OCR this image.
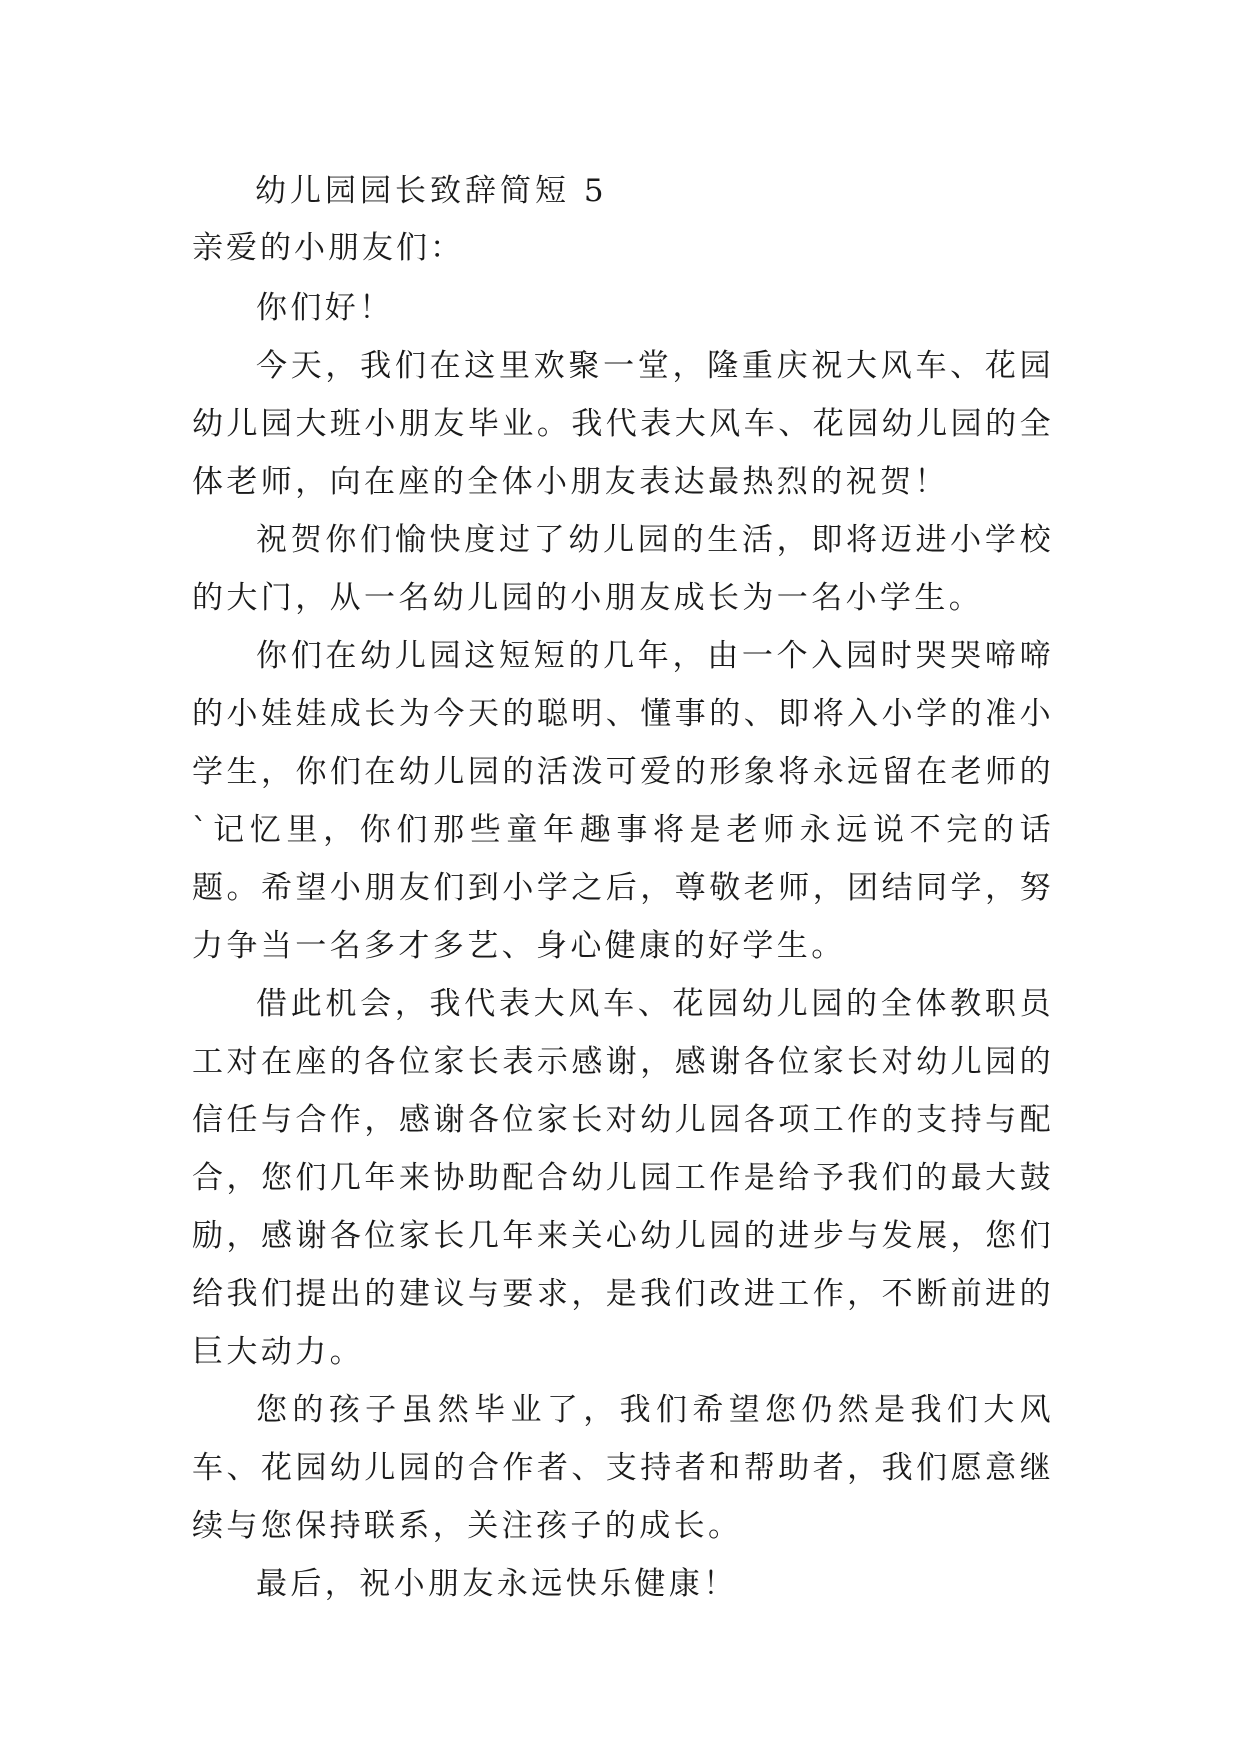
幼儿园园长致辞简短 5

亲爱的小朋友们：

你们好！

今天，我们在这里欢聚一堂，隆重庆祝大风车、花园幼儿园大班小朋友毕业。我代表大风车、花园幼儿园的全体老师，向在座的全体小朋友表达最热烈的祝贺！

祝贺你们愉快度过了幼儿园的生活，即将迈进小学校的大门，从一名幼儿园的小朋友成长为一名小学生。

你们在幼儿园这短短的几年，由一个入园时哭哭啼啼的小娃娃成长为今天的聪明、懂事的、即将入小学的准小学生，你们在幼儿园的活泼可爱的形象将永远留在老师的`记忆里，你们那些童年趣事将是老师永远说不完的话题。希望小朋友们到小学之后，尊敬老师，团结同学，努力争当一名多才多艺、身心健康的好学生。

借此机会，我代表大风车、花园幼儿园的全体教职员工对在座的各位家长表示感谢，感谢各位家长对幼儿园的信任与合作，感谢各位家长对幼儿园各项工作的支持与配合，您们几年来协助配合幼儿园工作是给予我们的最大鼓励，感谢各位家长几年来关心幼儿园的进步与发展，您们给我们提出的建议与要求，是我们改进工作，不断前进的巨大动力。

您的孩子虽然毕业了，我们希望您仍然是我们大风车、花园幼儿园的合作者、支持者和帮助者，我们愿意继续与您保持联系，关注孩子的成长。

最后，祝小朋友永远快乐健康！
